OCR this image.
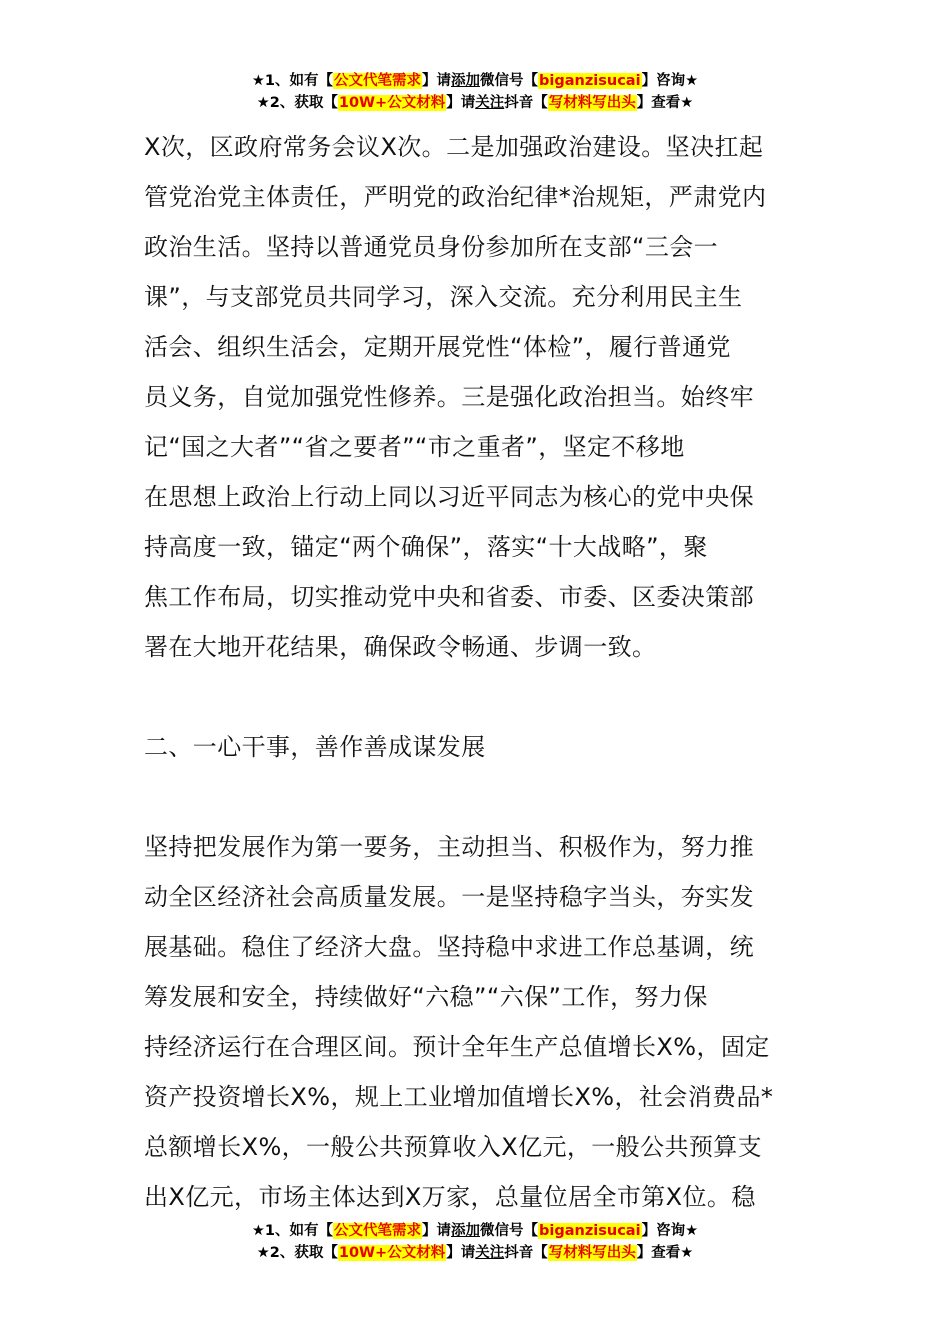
★1、如有【公文代笔需求】请添加微信号【biganzisucai】咨询★
★2、获取【10W+公文材料】请关注抖音【写材料写出头】查看★

X次，区政府常务会议X次。二是加强政治建设。坚决扛起
管党治党主体责任，严明党的政治纪律*治规矩，严肃党内
政治生活。坚持以普通党员身份参加所在支部“三会一
课”，与支部党员共同学习，深入交流。充分利用民主生
活会、组织生活会，定期开展党性“体检”，履行普通党
员义务，自觉加强党性修养。三是强化政治担当。始终牢
记“国之大者”“省之要者”“市之重者”，坚定不移地
在思想上政治上行动上同以习近平同志为核心的党中央保
持高度一致，锚定“两个确保”，落实“十大战略”，聚
焦工作布局，切实推动党中央和省委、市委、区委决策部
署在大地开花结果，确保政令畅通、步调一致。

二、一心干事，善作善成谋发展

坚持把发展作为第一要务，主动担当、积极作为，努力推
动全区经济社会高质量发展。一是坚持稳字当头，夯实发
展基础。稳住了经济大盘。坚持稳中求进工作总基调，统
筹发展和安全，持续做好“六稳”“六保”工作，努力保
持经济运行在合理区间。预计全年生产总值增长X%，固定
资产投资增长X%，规上工业增加值增长X%，社会消费品*
总额增长X%，一般公共预算收入X亿元，一般公共预算支
出X亿元，市场主体达到X万家，总量位居全市第X位。稳

★1、如有【公文代笔需求】请添加微信号【biganzisucai】咨询★
★2、获取【10W+公文材料】请关注抖音【写材料写出头】查看★
